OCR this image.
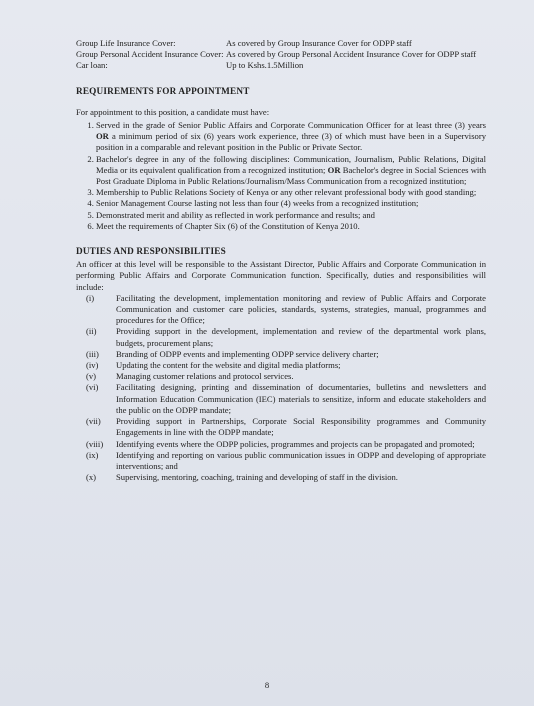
Group Life Insurance Cover:	As covered by Group Insurance Cover for ODPP staff
Group Personal Accident Insurance Cover: As covered by Group Personal Accident Insurance Cover for ODPP staff
Car loan:	Up to Kshs.1.5Million
REQUIREMENTS FOR APPOINTMENT

For appointment to this position, a candidate must have:

1. Served in the grade of Senior Public Affairs and Corporate Communication Officer for at least three (3) years OR a minimum period of six (6) years work experience, three (3) of which must have been in a Supervisory position in a comparable and relevant position in the Public or Private Sector.
2. Bachelor's degree in any of the following disciplines: Communication, Journalism, Public Relations, Digital Media or its equivalent qualification from a recognized institution; OR Bachelor's degree in Social Sciences with Post Graduate Diploma in Public Relations/Journalism/Mass Communication from a recognized institution;
3. Membership to Public Relations Society of Kenya or any other relevant professional body with good standing;
4. Senior Management Course lasting not less than four (4) weeks from a recognized institution;
5. Demonstrated merit and ability as reflected in work performance and results; and
6. Meet the requirements of Chapter Six (6) of the Constitution of Kenya 2010.
DUTIES AND RESPONSIBILITIES

An officer at this level will be responsible to the Assistant Director, Public Affairs and Corporate Communication in performing Public Affairs and Corporate Communication function. Specifically, duties and responsibilities will include:

(i)	Facilitating the development, implementation monitoring and review of Public Affairs and Corporate Communication and customer care policies, standards, systems, strategies, manual, programmes and procedures for the Office;
(ii)	Providing support in the development, implementation and review of the departmental work plans, budgets, procurement plans;
(iii)	Branding of ODPP events and implementing ODPP service delivery charter;
(iv)	Updating the content for the website and digital media platforms;
(v)	Managing customer relations and protocol services.
(vi)	Facilitating designing, printing and dissemination of documentaries, bulletins and newsletters and Information Education Communication (IEC) materials to sensitize, inform and educate stakeholders and the public on the ODPP mandate;
(vii)	Providing support in Partnerships, Corporate Social Responsibility programmes and Community Engagements in line with the ODPP mandate;
(viii)	Identifying events where the ODPP policies, programmes and projects can be propagated and promoted;
(ix)	Identifying and reporting on various public communication issues in ODPP and developing of appropriate interventions; and
(x)	Supervising, mentoring, coaching, training and developing of staff in the division.
8
